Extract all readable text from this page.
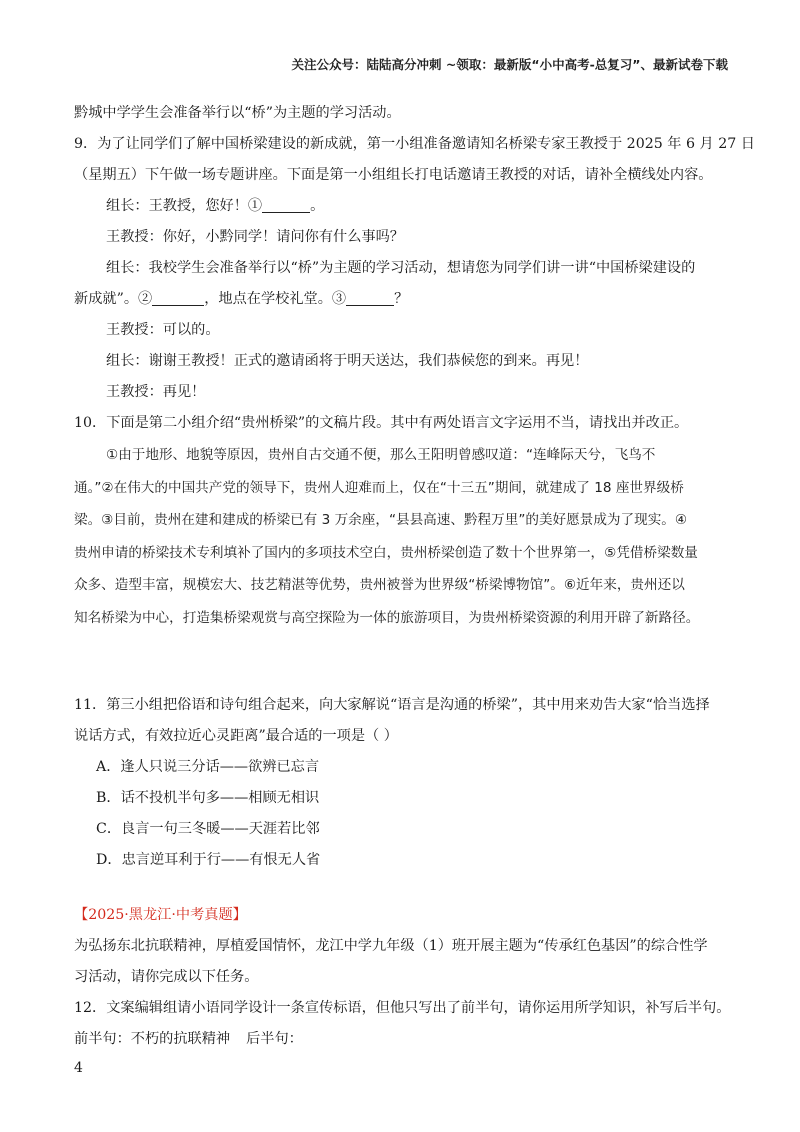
关注公众号：陆陆高分冲刺 ~领取：最新版“小中高考-总复习”、最新试卷下载
黔城中学学生会准备举行以“桥”为主题的学习活动。
9．为了让同学们了解中国桥梁建设的新成就，第一小组准备邀请知名桥梁专家王教授于 2025 年 6 月 27 日
（星期五）下午做一场专题讲座。下面是第一小组组长打电话邀请王教授的对话，请补全横线处内容。
组长：王教授，您好！①	。
王教授：你好，小黔同学！请问你有什么事吗？
组长：我校学生会准备举行以“桥”为主题的学习活动，想请您为同学们讲一讲“中国桥梁建设的
新成就”。②	，地点在学校礼堂。③	？
王教授：可以的。
组长：谢谢王教授！正式的邀请函将于明天送达，我们恭候您的到来。再见！
王教授：再见！
10．下面是第二小组介绍“贵州桥梁”的文稿片段。其中有两处语言文字运用不当，请找出并改正。
①由于地形、地貌等原因，贵州自古交通不便，那么王阳明曾感叹道：“连峰际天兮，飞鸟不
通。”②在伟大的中国共产党的领导下，贵州人迎难而上，仅在“十三五”期间，就建成了 18 座世界级桥
梁。③目前，贵州在建和建成的桥梁已有 3 万余座，“县县高速、黔程万里”的美好愿景成为了现实。④
贵州申请的桥梁技术专利填补了国内的多项技术空白，贵州桥梁创造了数十个世界第一，⑤凭借桥梁数量
众多、造型丰富，规模宏大、技艺精湛等优势，贵州被誉为世界级“桥梁博物馆”。⑥近年来，贵州还以
知名桥梁为中心，打造集桥梁观赏与高空探险为一体的旅游项目，为贵州桥梁资源的利用开辟了新路径。
11．第三小组把俗语和诗句组合起来，向大家解说“语言是沟通的桥梁”，其中用来劝告大家“恰当选择
说话方式，有效拉近心灵距离”最合适的一项是（ ）
A．逢人只说三分话——欲辨已忘言
B．话不投机半句多——相顾无相识
C．良言一句三冬暖——天涯若比邻
D．忠言逆耳利于行——有恨无人省
【2025·黑龙江·中考真题】
为弘扬东北抗联精神，厚植爱国情怀，龙江中学九年级（1）班开展主题为“传承红色基因”的综合性学
习活动，请你完成以下任务。
12．文案编辑组请小语同学设计一条宣传标语，但他只写出了前半句，请你运用所学知识，补写后半句。
前半句：不朽的抗联精神 后半句：
4
